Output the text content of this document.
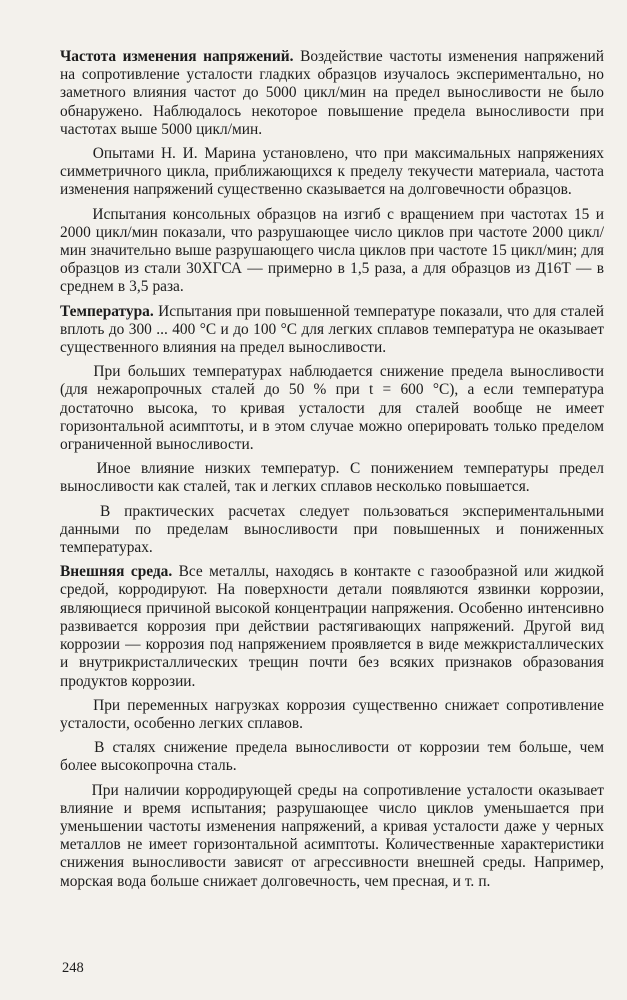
Частота изменения напряжений. Воздействие частоты изменения напряжений на сопротивление усталости гладких образцов изучалось экспериментально, но заметного влияния частот до 5000 цикл/мин на предел выносливости не было обнаружено. Наблюдалось некоторое повышение предела выносливости при частотах выше 5000 цикл/мин.

Опытами Н. И. Марина установлено, что при максимальных напряжениях симметричного цикла, приближающихся к пределу текучести материала, частота изменения напряжений существенно сказывается на долговечности образцов.

Испытания консольных образцов на изгиб с вращением при частотах 15 и 2000 цикл/мин показали, что разрушающее число циклов при частоте 2000 цикл/мин значительно выше разрушающего числа циклов при частоте 15 цикл/мин; для образцов из стали 30ХГСА — примерно в 1,5 раза, а для образцов из Д16Т — в среднем в 3,5 раза.

Температура. Испытания при повышенной температуре показали, что для сталей вплоть до 300 ... 400 °С и до 100 °С для легких сплавов температура не оказывает существенного влияния на предел выносливости.

При больших температурах наблюдается снижение предела выносливости (для нежаропрочных сталей до 50 % при t = 600 °С), а если температура достаточно высока, то кривая усталости для сталей вообще не имеет горизонтальной асимптоты, и в этом случае можно оперировать только пределом ограниченной выносливости.

Иное влияние низких температур. С понижением температуры предел выносливости как сталей, так и легких сплавов несколько повышается.

В практических расчетах следует пользоваться экспериментальными данными по пределам выносливости при повышенных и пониженных температурах.

Внешняя среда. Все металлы, находясь в контакте с газообразной или жидкой средой, корродируют. На поверхности детали появляются язвинки коррозии, являющиеся причиной высокой концентрации напряжения. Особенно интенсивно развивается коррозия при действии растягивающих напряжений. Другой вид коррозии — коррозия под напряжением проявляется в виде межкристаллических и внутрикристаллических трещин почти без всяких признаков образования продуктов коррозии.

При переменных нагрузках коррозия существенно снижает сопротивление усталости, особенно легких сплавов.

В сталях снижение предела выносливости от коррозии тем больше, чем более высокопрочна сталь.

При наличии корродирующей среды на сопротивление усталости оказывает влияние и время испытания; разрушающее число циклов уменьшается при уменьшении частоты изменения напряжений, а кривая усталости даже у черных металлов не имеет горизонтальной асимптоты. Количественные характеристики снижения выносливости зависят от агрессивности внешней среды. Например, морская вода больше снижает долговечность, чем пресная, и т. п.

248
